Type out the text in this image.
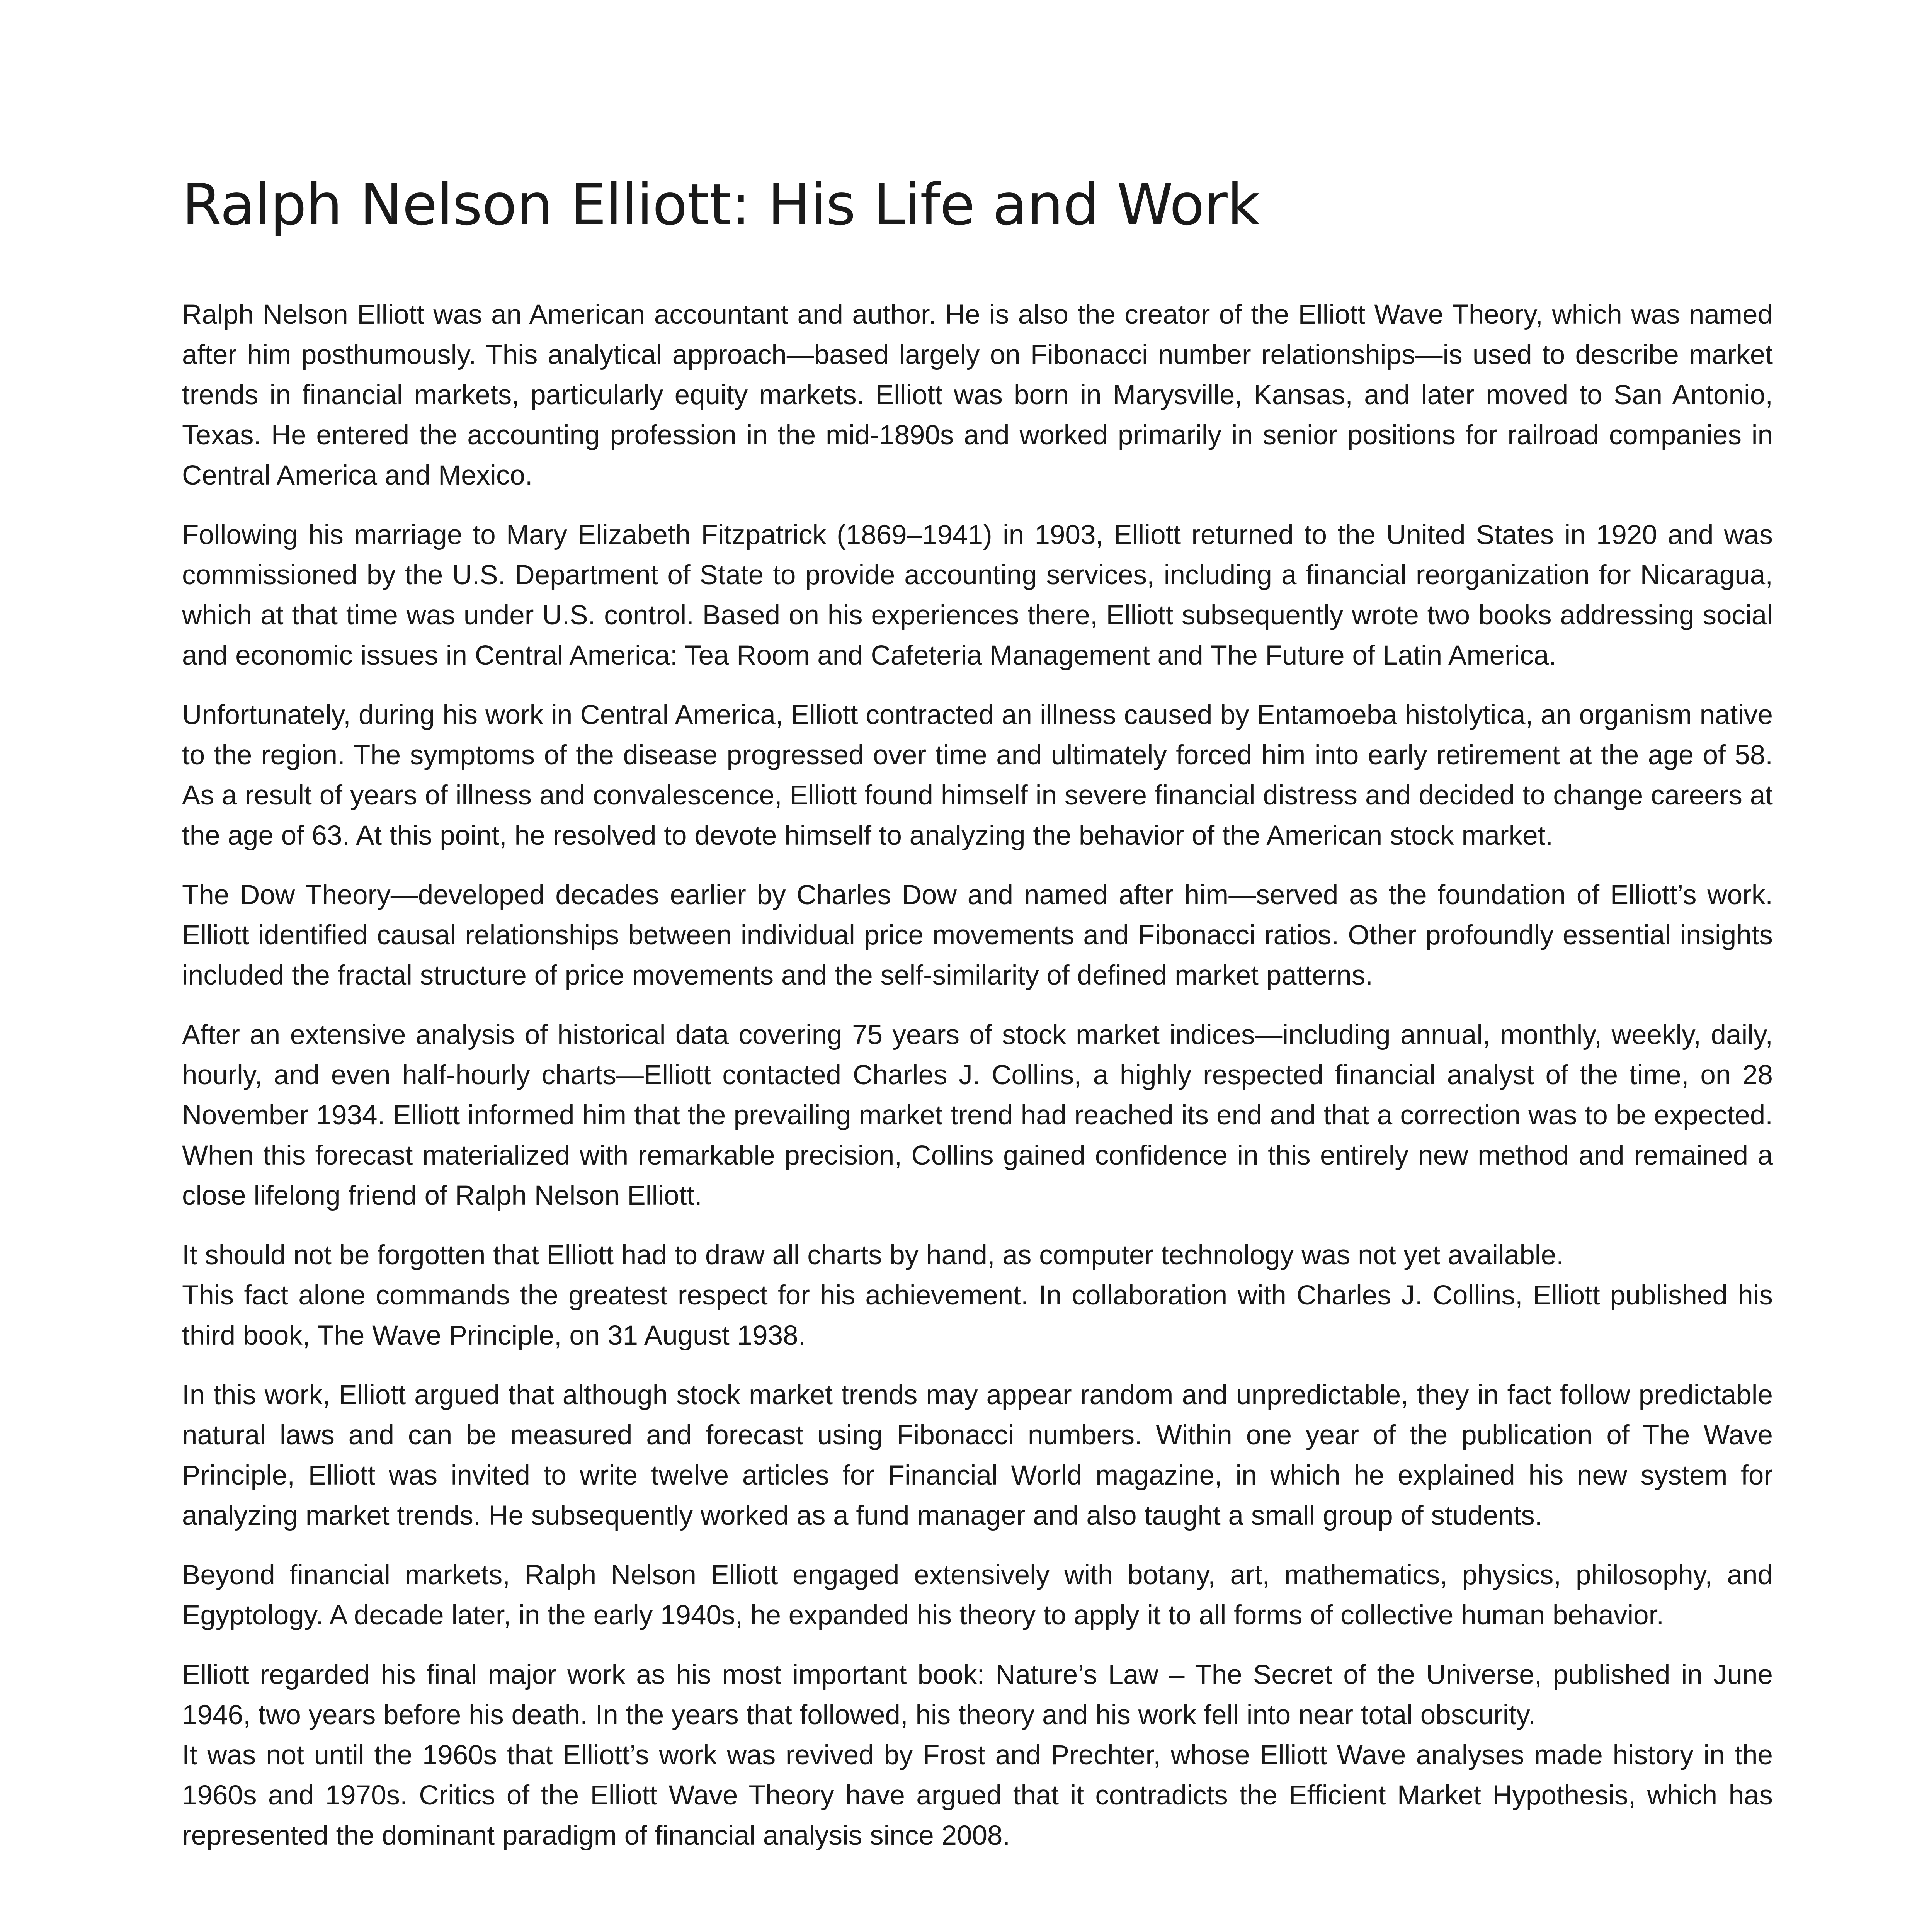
Ralph Nelson Elliott: His Life and Work

Ralph Nelson Elliott was an American accountant and author. He is also the creator of the Elliott Wave Theory, which was named after him posthumously. This analytical approach—based largely on Fibonacci number relationships—is used to describe market trends in financial markets, particularly equity markets. Elliott was born in Marysville, Kansas, and later moved to San Antonio, Texas. He entered the accounting profession in the mid-1890s and worked primarily in senior positions for railroad companies in Central America and Mexico.

Following his marriage to Mary Elizabeth Fitzpatrick (1869–1941) in 1903, Elliott returned to the United States in 1920 and was commissioned by the U.S. Department of State to provide accounting services, including a financial reorganization for Nicaragua, which at that time was under U.S. control. Based on his experiences there, Elliott subsequently wrote two books addressing social and economic issues in Central America: Tea Room and Cafeteria Management and The Future of Latin America.

Unfortunately, during his work in Central America, Elliott contracted an illness caused by Entamoeba histolytica, an organism native to the region. The symptoms of the disease progressed over time and ultimately forced him into early retirement at the age of 58. As a result of years of illness and convalescence, Elliott found himself in severe financial distress and decided to change careers at the age of 63. At this point, he resolved to devote himself to analyzing the behavior of the American stock market.

The Dow Theory—developed decades earlier by Charles Dow and named after him—served as the foundation of Elliott’s work. Elliott identified causal relationships between individual price movements and Fibonacci ratios. Other profoundly essential insights included the fractal structure of price movements and the self-similarity of defined market patterns.

After an extensive analysis of historical data covering 75 years of stock market indices—including annual, monthly, weekly, daily, hourly, and even half-hourly charts—Elliott contacted Charles J. Collins, a highly respected financial analyst of the time, on 28 November 1934. Elliott informed him that the prevailing market trend had reached its end and that a correction was to be expected. When this forecast materialized with remarkable precision, Collins gained confidence in this entirely new method and remained a close lifelong friend of Ralph Nelson Elliott.

It should not be forgotten that Elliott had to draw all charts by hand, as computer technology was not yet available.
This fact alone commands the greatest respect for his achievement. In collaboration with Charles J. Collins, Elliott published his third book, The Wave Principle, on 31 August 1938.

In this work, Elliott argued that although stock market trends may appear random and unpredictable, they in fact follow predictable natural laws and can be measured and forecast using Fibonacci numbers. Within one year of the publication of The Wave Principle, Elliott was invited to write twelve articles for Financial World magazine, in which he explained his new system for analyzing market trends. He subsequently worked as a fund manager and also taught a small group of students.

Beyond financial markets, Ralph Nelson Elliott engaged extensively with botany, art, mathematics, physics, philosophy, and Egyptology. A decade later, in the early 1940s, he expanded his theory to apply it to all forms of collective human behavior.

Elliott regarded his final major work as his most important book: Nature’s Law – The Secret of the Universe, published in June 1946, two years before his death. In the years that followed, his theory and his work fell into near total obscurity.
It was not until the 1960s that Elliott’s work was revived by Frost and Prechter, whose Elliott Wave analyses made history in the 1960s and 1970s. Critics of the Elliott Wave Theory have argued that it contradicts the Efficient Market Hypothesis, which has represented the dominant paradigm of financial analysis since 2008.
